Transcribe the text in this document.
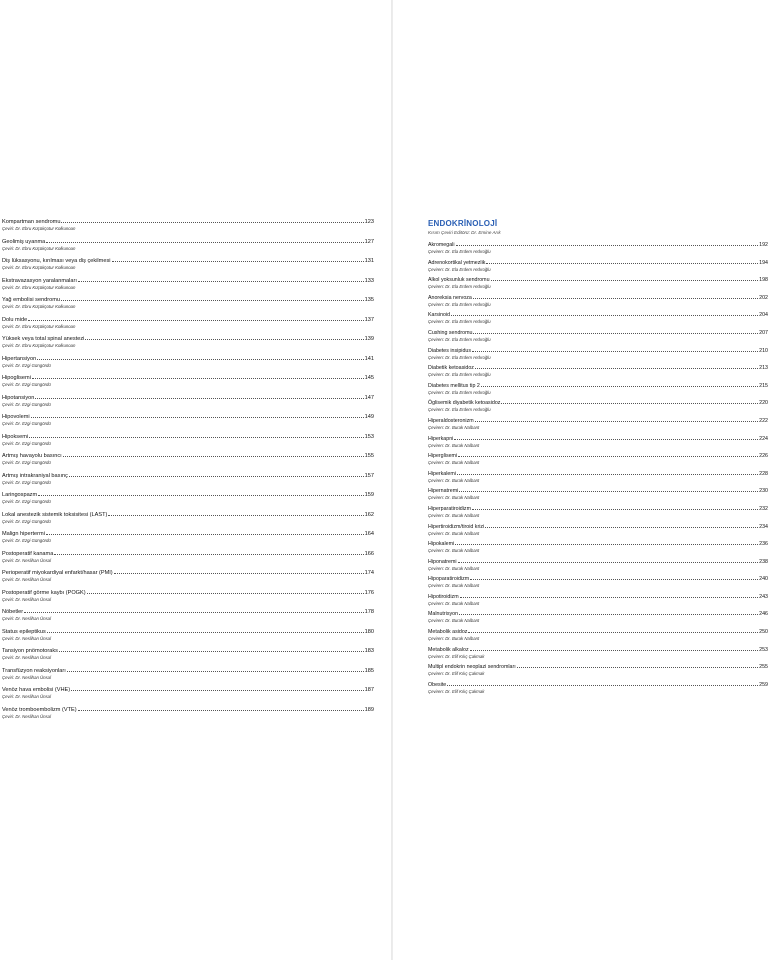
Kompartman sendromu	123
Çeviri: Dr. Ebru Küçükçotur Kolkunoan
Geolimiş uyanma	127
Çeviri: Dr. Ebru Küçükçotur Kolkunoan
Diş lüksasyonu, kırılması veya diş çekilmesi	131
Çeviri: Dr. Ebru Küçükçotur Kolkunoan
Ekstravazasyon yaralanmaları	133
Çeviri: Dr. Ebru Küçükçotur Kolkunoan
Yağ embolisi sendromu	135
Çeviri: Dr. Ebru Küçükçotur Kolkunoan
Dolu mide	137
Çeviri: Dr. Ebru Küçükçotur Kolkunoan
Yüksek veya total spinal anestezi	139
Çeviri: Dr. Ebru Küçükçotur Kolkunoan
Hipertansiyon	141
Çeviri: Dr. Ezgi Güngördü
Hipoglisemi	145
Çeviri: Dr. Ezgi Güngördü
Hipotansiyon	147
Çeviri: Dr. Ezgi Güngördü
Hipovolemi	149
Çeviri: Dr. Ezgi Güngördü
Hipoksemi	153
Çeviri: Dr. Ezgi Güngördü
Artmış havayolu basıncı	155
Çeviri: Dr. Ezgi Güngördü
Artmış intrakraniyal basınç	157
Çeviri: Dr. Ezgi Güngördü
Laringospazm	159
Çeviri: Dr. Ezgi Güngördü
Lokal anestezik sistemik toksisitesi (LAST)	162
Çeviri: Dr. Ezgi Güngördü
Malign hipertermi	164
Çeviri: Dr. Ezgi Güngördü
Postoperatif kanama	166
Çeviri: Dr. Neslihan Ünsal
Perioperatif miyokardiyal enfarkt/hasar (PMI)	174
Çeviri: Dr. Neslihan Ünsal
Postoperatif görme kaybı (POGK)	176
Çeviri: Dr. Neslihan Ünsal
Nöbetler	178
Çeviri: Dr. Neslihan Ünsal
Status epileptikus	180
Çeviri: Dr. Neslihan Ünsal
Tansiyon pnömotoraks	183
Çeviri: Dr. Neslihan Ünsal
Transfüzyon reaksiyonları	185
Çeviri: Dr. Neslihan Ünsal
Venöz hava embolisi (VHE)	187
Çeviri: Dr. Neslihan Ünsal
Venöz tromboembolizm (VTE)	189
Çeviri: Dr. Neslihan Ünsal
ENDOKRİNOLOJİ
Kısım Çeviri Editörü: Dr. Emine Arık
Akromegali	192
Çeviren: Dr. Ela Erdem Hıdıroğlu
Adrenokortikal yetmezlik	194
Çeviren: Dr. Ela Erdem Hıdıroğlu
Alkol yoksunluk sendromu	198
Çeviren: Dr. Ela Erdem Hıdıroğlu
Anoreksia nervoza	202
Çeviren: Dr. Ela Erdem Hıdıroğlu
Karsinoid	204
Çeviren: Dr. Ela Erdem Hıdıroğlu
Cushing sendromu	207
Çeviren: Dr. Ela Erdem Hıdıroğlu
Diabetes insipidus	210
Çeviren: Dr. Ela Erdem Hıdıroğlu
Diabetik ketoasidoz	213
Çeviren: Dr. Ela Erdem Hıdıroğlu
Diabetes mellitus tip 2	215
Çeviren: Dr. Ela Erdem Hıdıroğlu
Öglisemik diyabetik ketoasidoz	220
Çeviren: Dr. Ela Erdem Hıdıroğlu
Hiperaldosteronizm	222
Çeviren: Dr. Burak Nalbant
Hiperkapni	224
Çeviren: Dr. Burak Nalbant
Hiperglisemi	226
Çeviren: Dr. Burak Nalbant
Hiperkalemi	228
Çeviren: Dr. Burak Nalbant
Hipernatremi	230
Çeviren: Dr. Burak Nalbant
Hiperparatiroidizm	232
Çeviren: Dr. Burak Nalbant
Hipertiroidizm/tiroid krizi	234
Çeviren: Dr. Burak Nalbant
Hipokalemi	236
Çeviren: Dr. Burak Nalbant
Hiponatremi	238
Çeviren: Dr. Burak Nalbant
Hipoparatiroidizm	240
Çeviren: Dr. Burak Nalbant
Hipotiroidizm	243
Çeviren: Dr. Burak Nalbant
Malnutrisyon	246
Çeviren: Dr. Burak Nalbant
Metabolik asidoz	250
Çeviren: Dr. Burak Nalbant
Metabolik alkaloz	253
Çeviren: Dr. Elif Kılıç Çakmak
Multipl endokrin neoplazi sendromları	255
Çeviren: Dr. Elif Kılıç Çakmak
Obesite	259
Çeviren: Dr. Elif Kılıç Çakmak
